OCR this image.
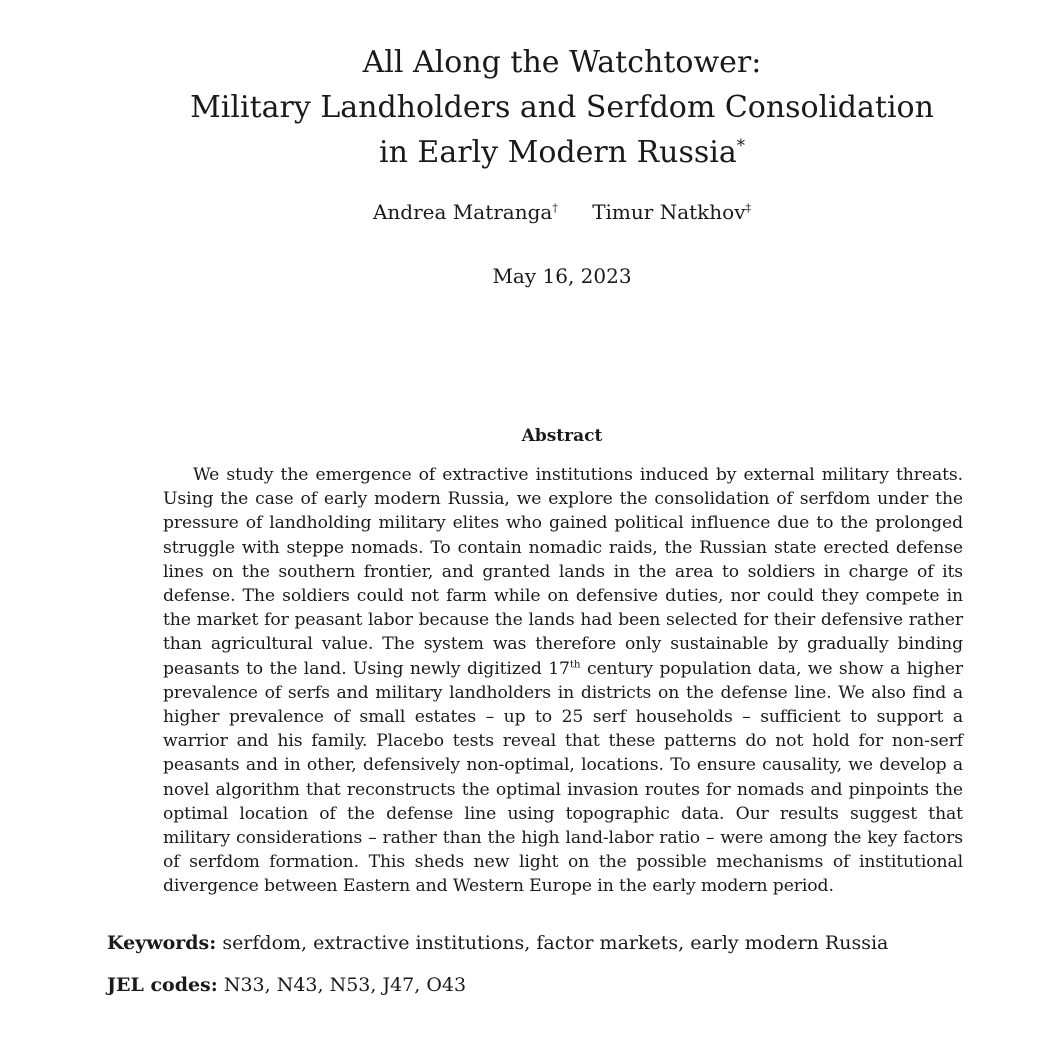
All Along the Watchtower:
Military Landholders and Serfdom Consolidation
in Early Modern Russia*
Andrea Matranga† Timur Natkhov‡
May 16, 2023
Abstract

We study the emergence of extractive institutions induced by external military threats. Using the case of early modern Russia, we explore the consolidation of serfdom under the pressure of landholding military elites who gained political influence due to the prolonged struggle with steppe nomads. To contain nomadic raids, the Russian state erected defense lines on the southern frontier, and granted lands in the area to soldiers in charge of its defense. The soldiers could not farm while on defensive duties, nor could they compete in the market for peasant labor because the lands had been selected for their defensive rather than agricultural value. The system was therefore only sustainable by gradually binding peasants to the land. Using newly digitized 17th century population data, we show a higher prevalence of serfs and military landholders in districts on the defense line. We also find a higher prevalence of small estates – up to 25 serf households – sufficient to support a warrior and his family. Placebo tests reveal that these patterns do not hold for non-serf peasants and in other, defensively non-optimal, locations. To ensure causality, we develop a novel algorithm that reconstructs the optimal invasion routes for nomads and pinpoints the optimal location of the defense line using topographic data. Our results suggest that military considerations – rather than the high land-labor ratio – were among the key factors of serfdom formation. This sheds new light on the possible mechanisms of institutional divergence between Eastern and Western Europe in the early modern period.

Keywords: serfdom, extractive institutions, factor markets, early modern Russia
JEL codes: N33, N43, N53, J47, O43
